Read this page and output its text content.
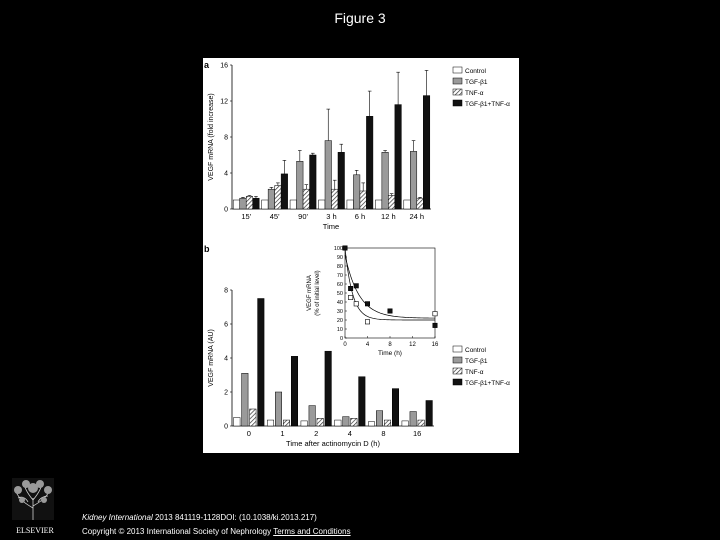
Figure 3
a
b
0
4
8
12
16
VEGF mRNA (fold increase)
15' 45' 90' 3 h 6 h 12 h 24 h
Time
0
2
4
6
8
VEGF mRNA (AU)
0	1	2	4	8	16
Time after actinomycin D (h)
0
10
20
30
40
50
60
70
80
90
100
0	4	8	12	16
VEGF mRNA (% of initial level)
Time (h)
Control
TGF-β1
TNF-α
TGF-β1+TNF-α
Control
TGF-β1
TNF-α
TGF-β1+TNF-α
ELSEVIER
Kidney International 2013 841119-1128DOI: (10.1038/ki.2013.217)
Copyright © 2013 International Society of Nephrology Terms and Conditions
